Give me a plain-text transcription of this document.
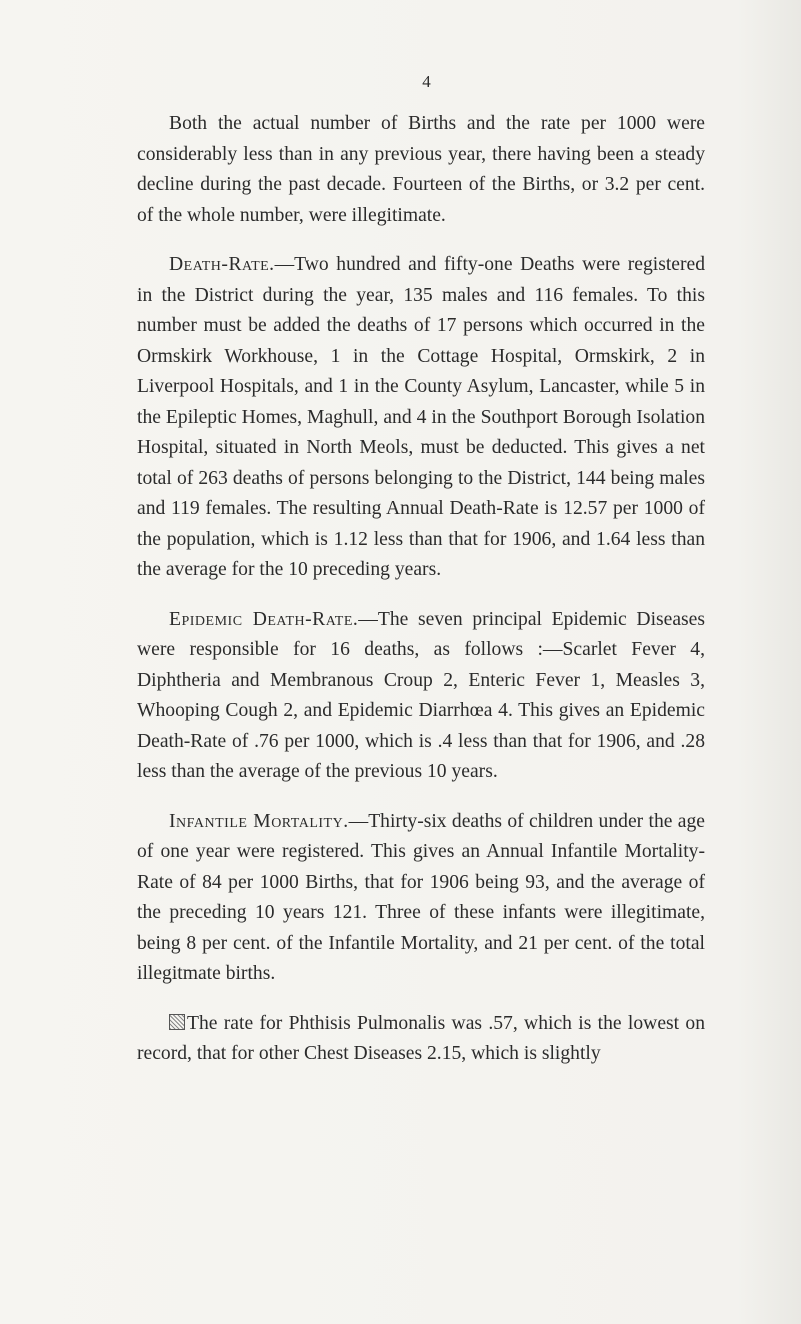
4

Both the actual number of Births and the rate per 1000 were considerably less than in any previous year, there having been a steady decline during the past decade. Fourteen of the Births, or 3.2 per cent. of the whole number, were illegitimate.

Death-Rate.—Two hundred and fifty-one Deaths were registered in the District during the year, 135 males and 116 females. To this number must be added the deaths of 17 persons which occurred in the Ormskirk Workhouse, 1 in the Cottage Hospital, Ormskirk, 2 in Liverpool Hospitals, and 1 in the County Asylum, Lancaster, while 5 in the Epileptic Homes, Maghull, and 4 in the Southport Borough Isolation Hospital, situated in North Meols, must be deducted. This gives a net total of 263 deaths of persons belonging to the District, 144 being males and 119 females. The resulting Annual Death-Rate is 12.57 per 1000 of the population, which is 1.12 less than that for 1906, and 1.64 less than the average for the 10 preceding years.

Epidemic Death-Rate.—The seven principal Epidemic Diseases were responsible for 16 deaths, as follows :—Scarlet Fever 4, Diphtheria and Membranous Croup 2, Enteric Fever 1, Measles 3, Whooping Cough 2, and Epidemic Diarrhœa 4. This gives an Epidemic Death-Rate of .76 per 1000, which is .4 less than that for 1906, and .28 less than the average of the previous 10 years.

Infantile Mortality.—Thirty-six deaths of children under the age of one year were registered. This gives an Annual Infantile Mortality-Rate of 84 per 1000 Births, that for 1906 being 93, and the average of the preceding 10 years 121. Three of these infants were illegitimate, being 8 per cent. of the Infantile Mortality, and 21 per cent. of the total illegitmate births.

The rate for Phthisis Pulmonalis was .57, which is the lowest on record, that for other Chest Diseases 2.15, which is slightly
